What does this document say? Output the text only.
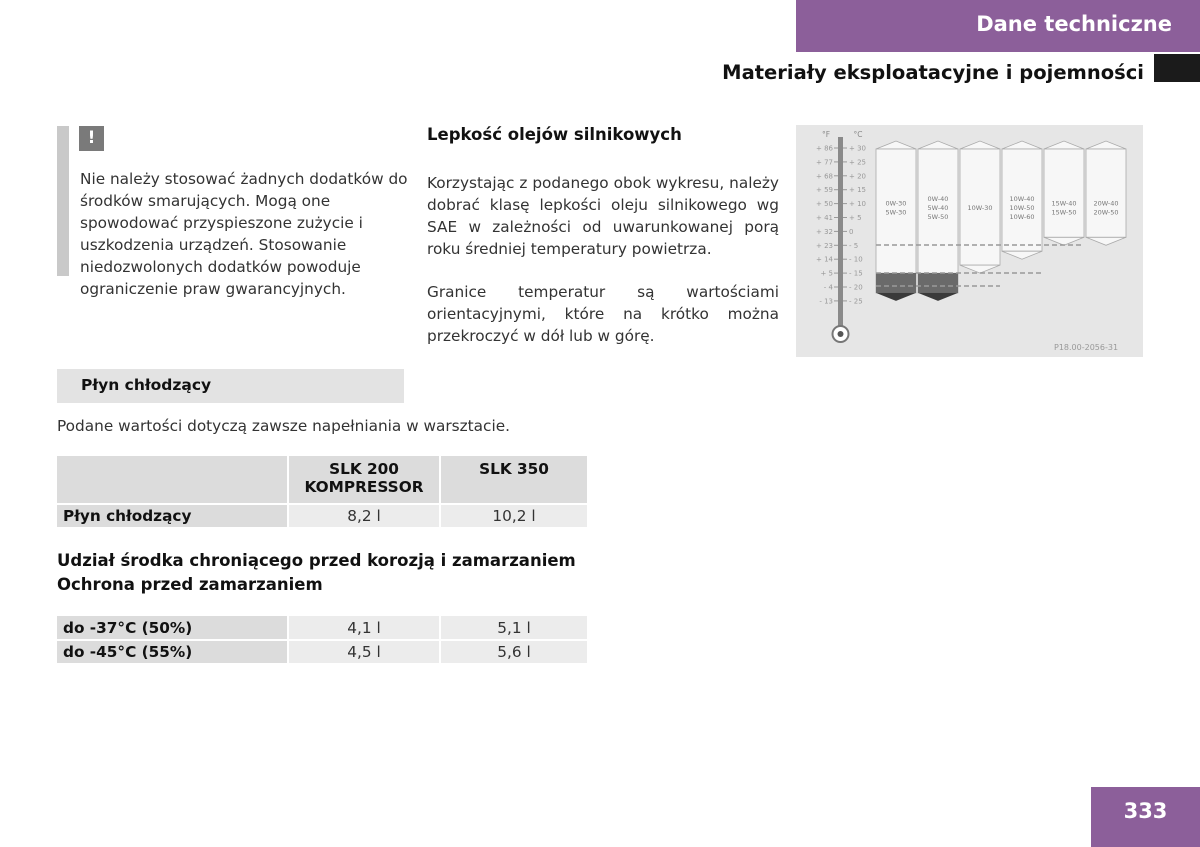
Dane techniczne
Materiały eksploatacyjne i pojemności
!
Nie należy stosować żadnych dodatków do środków smarujących. Mogą one spowodować przyspieszone zużycie i uszkodzenia urządzeń. Stosowanie niedozwolonych dodatków powoduje ograniczenie praw gwarancyjnych.
Lepkość olejów silnikowych
Korzystając z podanego obok wykresu, należy dobrać klasę lepkości oleju silnikowego wg SAE w zależności od uwarunkowanej porą roku średniej temperatury powietrza.
Granice temperatur są wartościami orientacyjnymi, które na krótko można przekroczyć w dół lub w górę.
°F	°C
+ 86
+ 77
+ 68
+ 59
+ 50
+ 41
+ 32
+ 23
+ 14
+ 5
- 4
- 13
+ 30
+ 25
+ 20
+ 15
+ 10
+ 5
0
- 5
- 10
- 15
- 20
- 25
0W-30
5W-30
0W-40
5W-40
5W-50
10W-30
10W-40
10W-50
10W-60
15W-40
15W-50
20W-40
20W-50
P18.00-2056-31
Płyn chłodzący
Podane wartości dotyczą zawsze napełniania w warsztacie.
	SLK 200 KOMPRESSOR	SLK 350
Płyn chłodzący	8,2 l	10,2 l
Udział środka chroniącego przed korozją i zamarzaniem
Ochrona przed zamarzaniem
do -37°C (50%)	4,1 l	5,1 l
do -45°C (55%)	4,5 l	5,6 l
333
